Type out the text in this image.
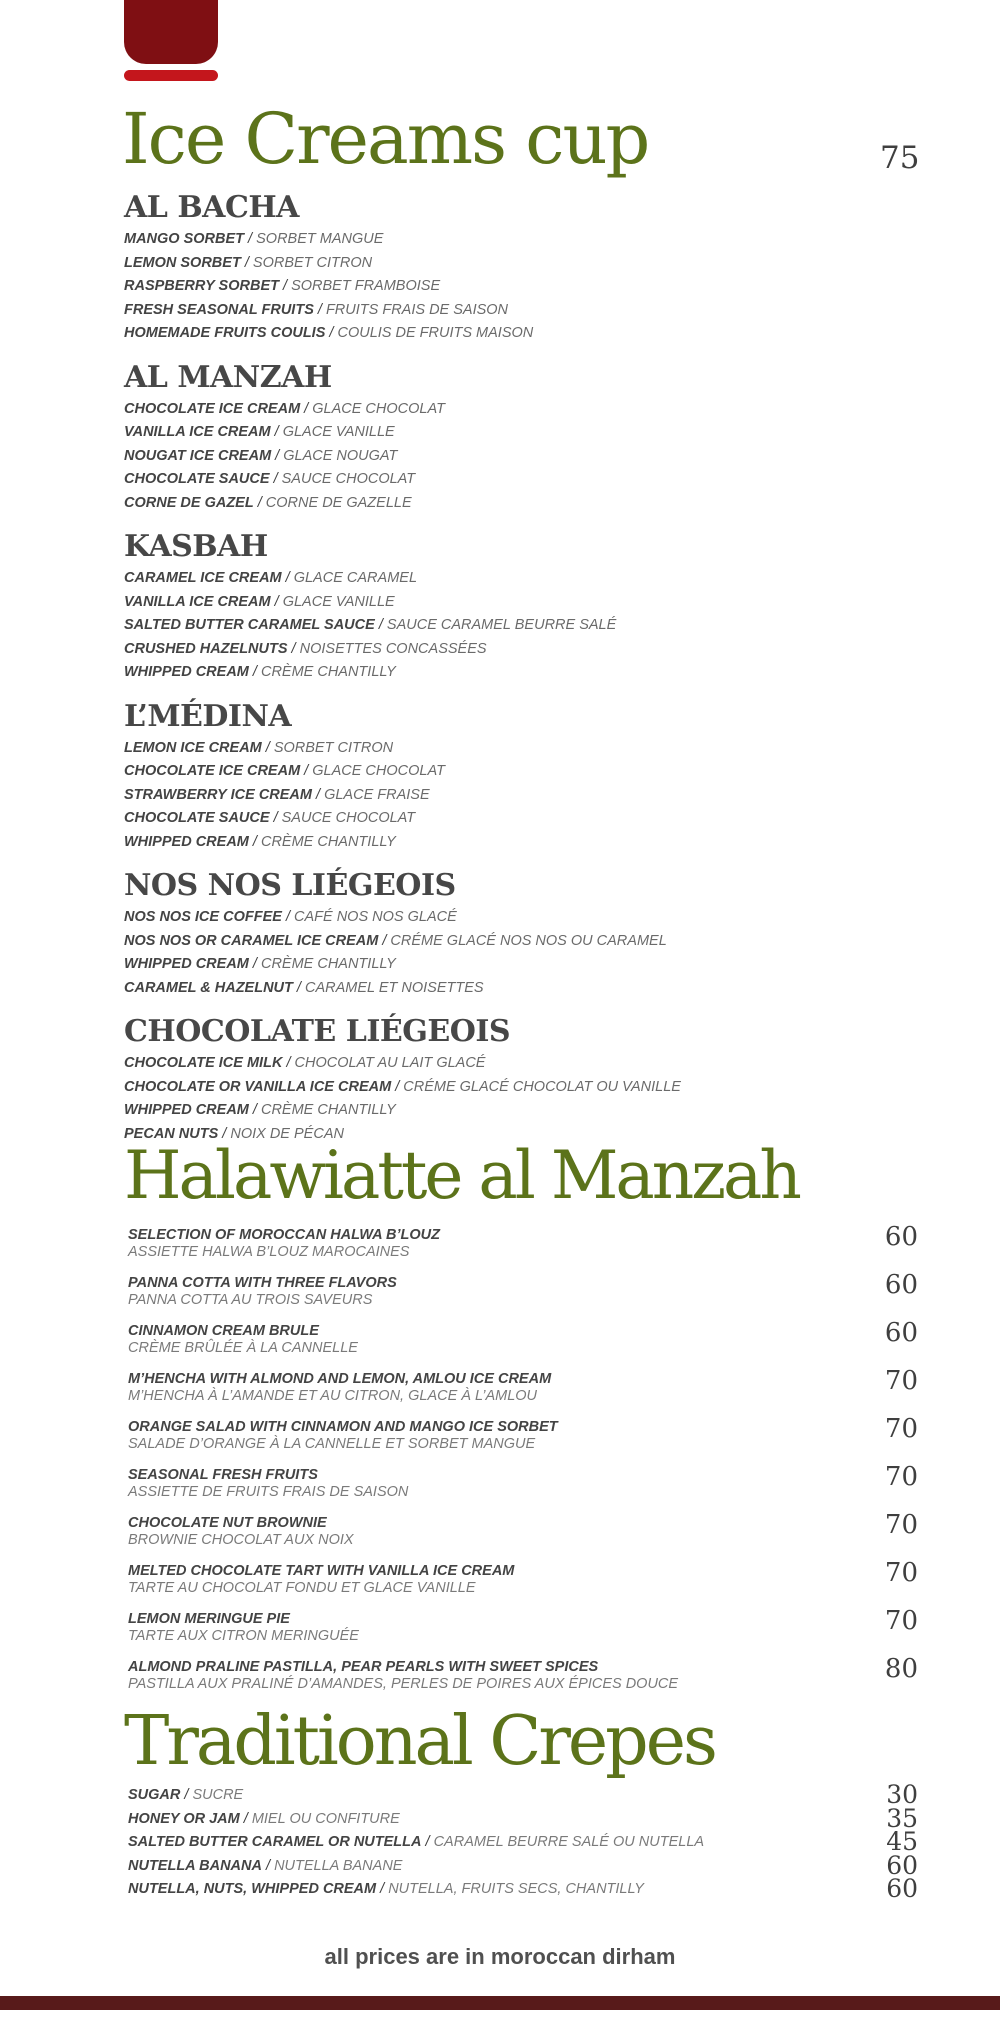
Ice Creams cup	75
AL BACHA
MANGO SORBET / SORBET MANGUE
LEMON SORBET / SORBET CITRON
RASPBERRY SORBET / SORBET FRAMBOISE
FRESH SEASONAL FRUITS / FRUITS FRAIS DE SAISON
HOMEMADE FRUITS COULIS / COULIS DE FRUITS MAISON
AL MANZAH
CHOCOLATE ICE CREAM / GLACE CHOCOLAT
VANILLA ICE CREAM / GLACE VANILLE
NOUGAT ICE CREAM / GLACE NOUGAT
CHOCOLATE SAUCE / SAUCE CHOCOLAT
CORNE DE GAZEL / CORNE DE GAZELLE
KASBAH
CARAMEL ICE CREAM / GLACE CARAMEL
VANILLA ICE CREAM / GLACE VANILLE
SALTED BUTTER CARAMEL SAUCE / SAUCE CARAMEL BEURRE SALÉ
CRUSHED HAZELNUTS / NOISETTES CONCASSÉES
WHIPPED CREAM / CRÈME CHANTILLY
L’MÉDINA
LEMON ICE CREAM / SORBET CITRON
CHOCOLATE ICE CREAM / GLACE CHOCOLAT
STRAWBERRY ICE CREAM / GLACE FRAISE
CHOCOLATE SAUCE / SAUCE CHOCOLAT
WHIPPED CREAM / CRÈME CHANTILLY
NOS NOS LIÉGEOIS
NOS NOS ICE COFFEE / CAFÉ NOS NOS GLACÉ
NOS NOS OR CARAMEL ICE CREAM / CRÉME GLACÉ NOS NOS OU CARAMEL
WHIPPED CREAM / CRÈME CHANTILLY
CARAMEL & HAZELNUT / CARAMEL ET NOISETTES
CHOCOLATE LIÉGEOIS
CHOCOLATE ICE MILK / CHOCOLAT AU LAIT GLACÉ
CHOCOLATE OR VANILLA ICE CREAM / CRÉME GLACÉ CHOCOLAT OU VANILLE
WHIPPED CREAM / CRÈME CHANTILLY
PECAN NUTS / NOIX DE PÉCAN
Halawiatte al Manzah
SELECTION OF MOROCCAN HALWA B’LOUZ
ASSIETTE HALWA B’LOUZ MAROCAINES	60
PANNA COTTA WITH THREE FLAVORS
PANNA COTTA AU TROIS SAVEURS	60
CINNAMON CREAM BRULE
CRÈME BRÛLÉE À LA CANNELLE	60
M’HENCHA WITH ALMOND AND LEMON, AMLOU ICE CREAM
M’HENCHA À L’AMANDE ET AU CITRON, GLACE À L’AMLOU	70
ORANGE SALAD WITH CINNAMON AND MANGO ICE SORBET
SALADE D’ORANGE À LA CANNELLE ET SORBET MANGUE	70
SEASONAL FRESH FRUITS
ASSIETTE DE FRUITS FRAIS DE SAISON	70
CHOCOLATE NUT BROWNIE
BROWNIE CHOCOLAT AUX NOIX	70
MELTED CHOCOLATE TART WITH VANILLA ICE CREAM
TARTE AU CHOCOLAT FONDU ET GLACE VANILLE	70
LEMON MERINGUE PIE
TARTE AUX CITRON MERINGUÉE	70
ALMOND PRALINE PASTILLA, PEAR PEARLS WITH SWEET SPICES
PASTILLA AUX PRALINÉ D’AMANDES, PERLES DE POIRES AUX ÉPICES DOUCE	80
Traditional Crepes
SUGAR / SUCRE	30
HONEY OR JAM / MIEL OU CONFITURE	35
SALTED BUTTER CARAMEL OR NUTELLA / CARAMEL BEURRE SALÉ OU NUTELLA	45
NUTELLA BANANA / NUTELLA BANANE	60
NUTELLA, NUTS, WHIPPED CREAM / NUTELLA, FRUITS SECS, CHANTILLY	60
all prices are in moroccan dirham
